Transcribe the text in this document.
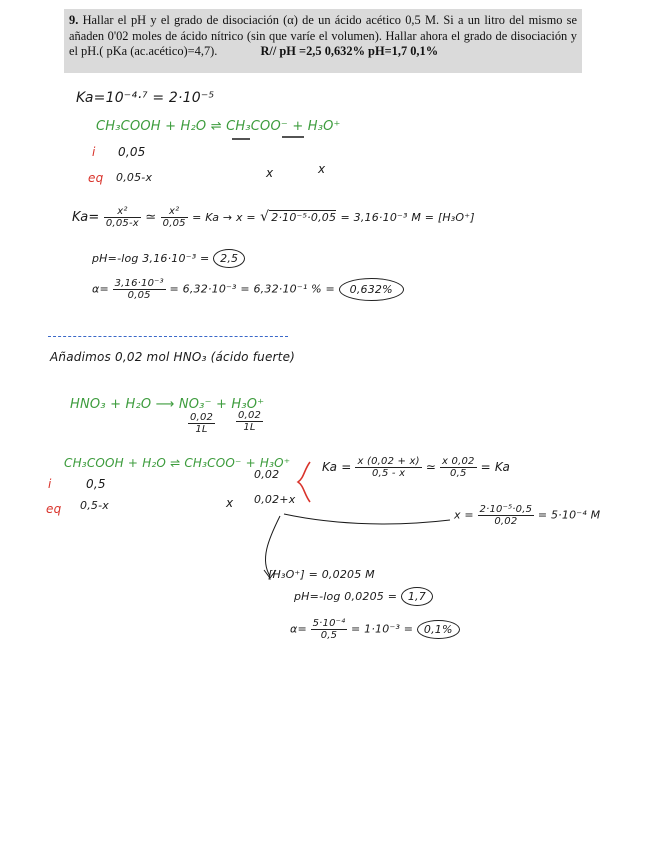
9. Hallar el pH y el grado de disociación (α) de un ácido acético 0,5 M. Si a un litro del mismo se añaden 0'02 moles de ácido nítrico (sin que varíe el volumen). Hallar ahora el grado de disociación y el pH.( pKa (ac.acético)=4,7).	R// pH =2,5 0,632% pH=1,7 0,1%

Ka=10⁻⁴·⁷ = 2·10⁻⁵
CH₃COOH + H₂O ⇌ CH₃COO⁻ + H₃O⁺
i 0,05
eq 0,05-x	x	x
$Ka= \frac{\text{x²}}{0,05-x}$ ≃ $\frac{\text{x²}}{0,05} = Ka \to x$ = √ 2·10⁻⁵·0,05 = 3,16·10⁻³ M = [H₃O⁺]
pH=-log 3,16·10⁻³ = 2,5
$\alpha= \frac{\text{3,16·10⁻³}}{0,05} = 6,32\cdot 10^{-3} = 6,32\cdot 10^{-1}$ % = 0,632%
Añadimos 0,02 mol HNO₃ (ácido fuerte)
HNO₃ + H₂O ⟶ NO₃⁻ + H₃O⁺
$\frac{0,02}{1L} \frac{0,02}{1L}$
CH₃COOH + H₂O ⇌ CH₃COO⁻ + H₃O⁺
0,02
i	0,5
eq 0,5-x	x 0,02+x
$Ka = \frac{x (0,02 + x)}{0,5 - x}$ ≃ $\frac{x 0,02}{0,5} = Ka$
$x = \frac{\text{2·10⁻⁵·0,5}}{0,02} = 5\cdot 10^{-4}$ M
[H₃O⁺] = 0,0205 M
pH=-log 0,0205 = 1,7
$\alpha= \frac{\text{5·10⁻⁴}}{0,5} = 1\cdot 10^{-3} = 0,1\%$
